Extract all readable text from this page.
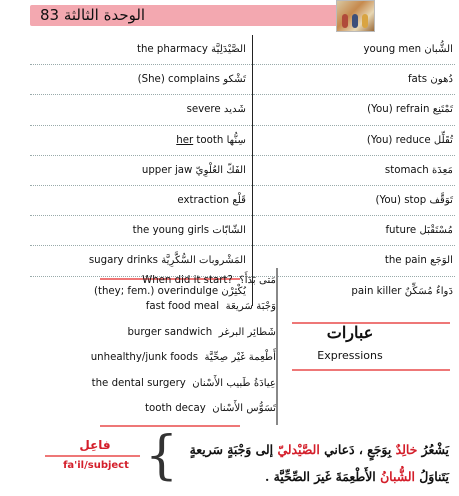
الوحدة الثالثة 83
the pharmacy الصَّيْدَلِيَّة	young men الشُّبان
(She) complains تَشْكو	fats دُهون
severe شَديد	(You) refrain تَمْتَنِع
her tooth سِنُّها	(You) reduce تُقَلِّل
upper jaw الفَكّ العُلْوِيّ	stomach مَعِدَة
extraction قَلْع	(You) stop تَوَقَّف
the young girls الشّابّات	future مُسْتَقْبَل
sugary drinks المَشْروبات السُّكَّرِيَّة	the pain الوَجَع
(they; fem.) overindulge يُكْثِرْن	pain killer دَواءٌ مُسَكِّنٌ
When did it start? مَتى بَدَأَ؟
fast food meal وَجْبَة سَريعَة
burger sandwich شَطائِر البرغر
unhealthy/junk foods أَطْعِمة غَيْر صِحِّيَّة
the dental surgery عِيادَةُ طَبيب الأَسْنان
tooth decay تَسَوُّس الأَسْنان
عبارات
Expressions
فاعِل
fa'il/subject {	يَشْعُرُ خالِدٌ بِوَجَعٍ ، دَعاني الصَّيْدليّ إلى وَجْبَةٍ سَريعةٍ
يَتَناوَلُ الشُّبانُ الأَطْعِمَةَ غَيرَ الصِّحِّيَّة .
